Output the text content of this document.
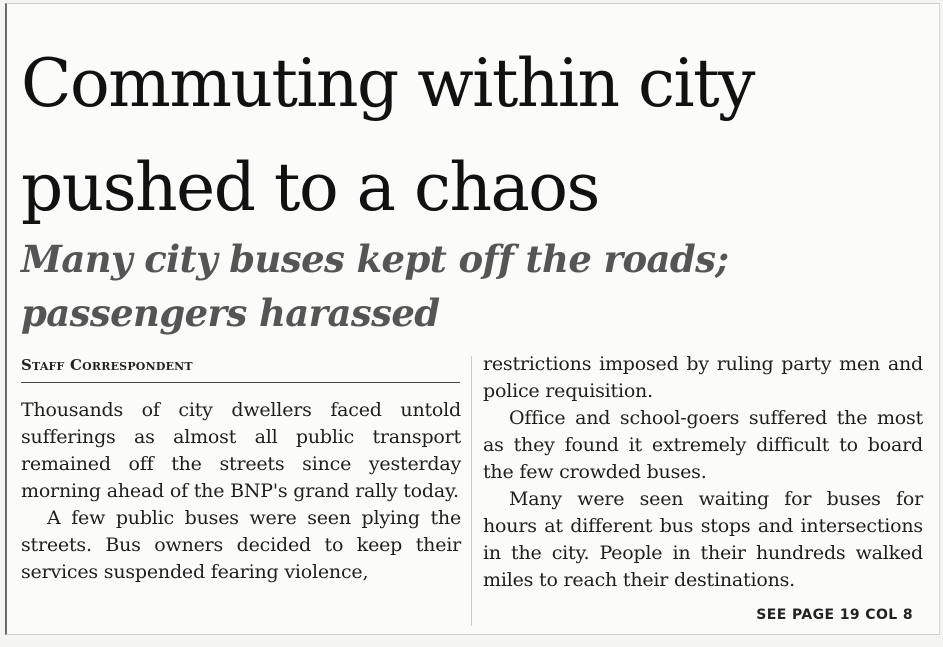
Commuting within city pushed to a chaos
Many city buses kept off the roads; passengers harassed
Staff Correspondent

Thousands of city dwellers faced untold sufferings as almost all public transport remained off the streets since yesterday morning ahead of the BNP's grand rally today.

A few public buses were seen plying the streets. Bus owners decided to keep their services suspended fearing violence,

restrictions imposed by ruling party men and police requisition.

Office and school-goers suffered the most as they found it extremely difficult to board the few crowded buses.

Many were seen waiting for buses for hours at different bus stops and intersections in the city. People in their hundreds walked miles to reach their destinations.

SEE PAGE 19 COL 8
